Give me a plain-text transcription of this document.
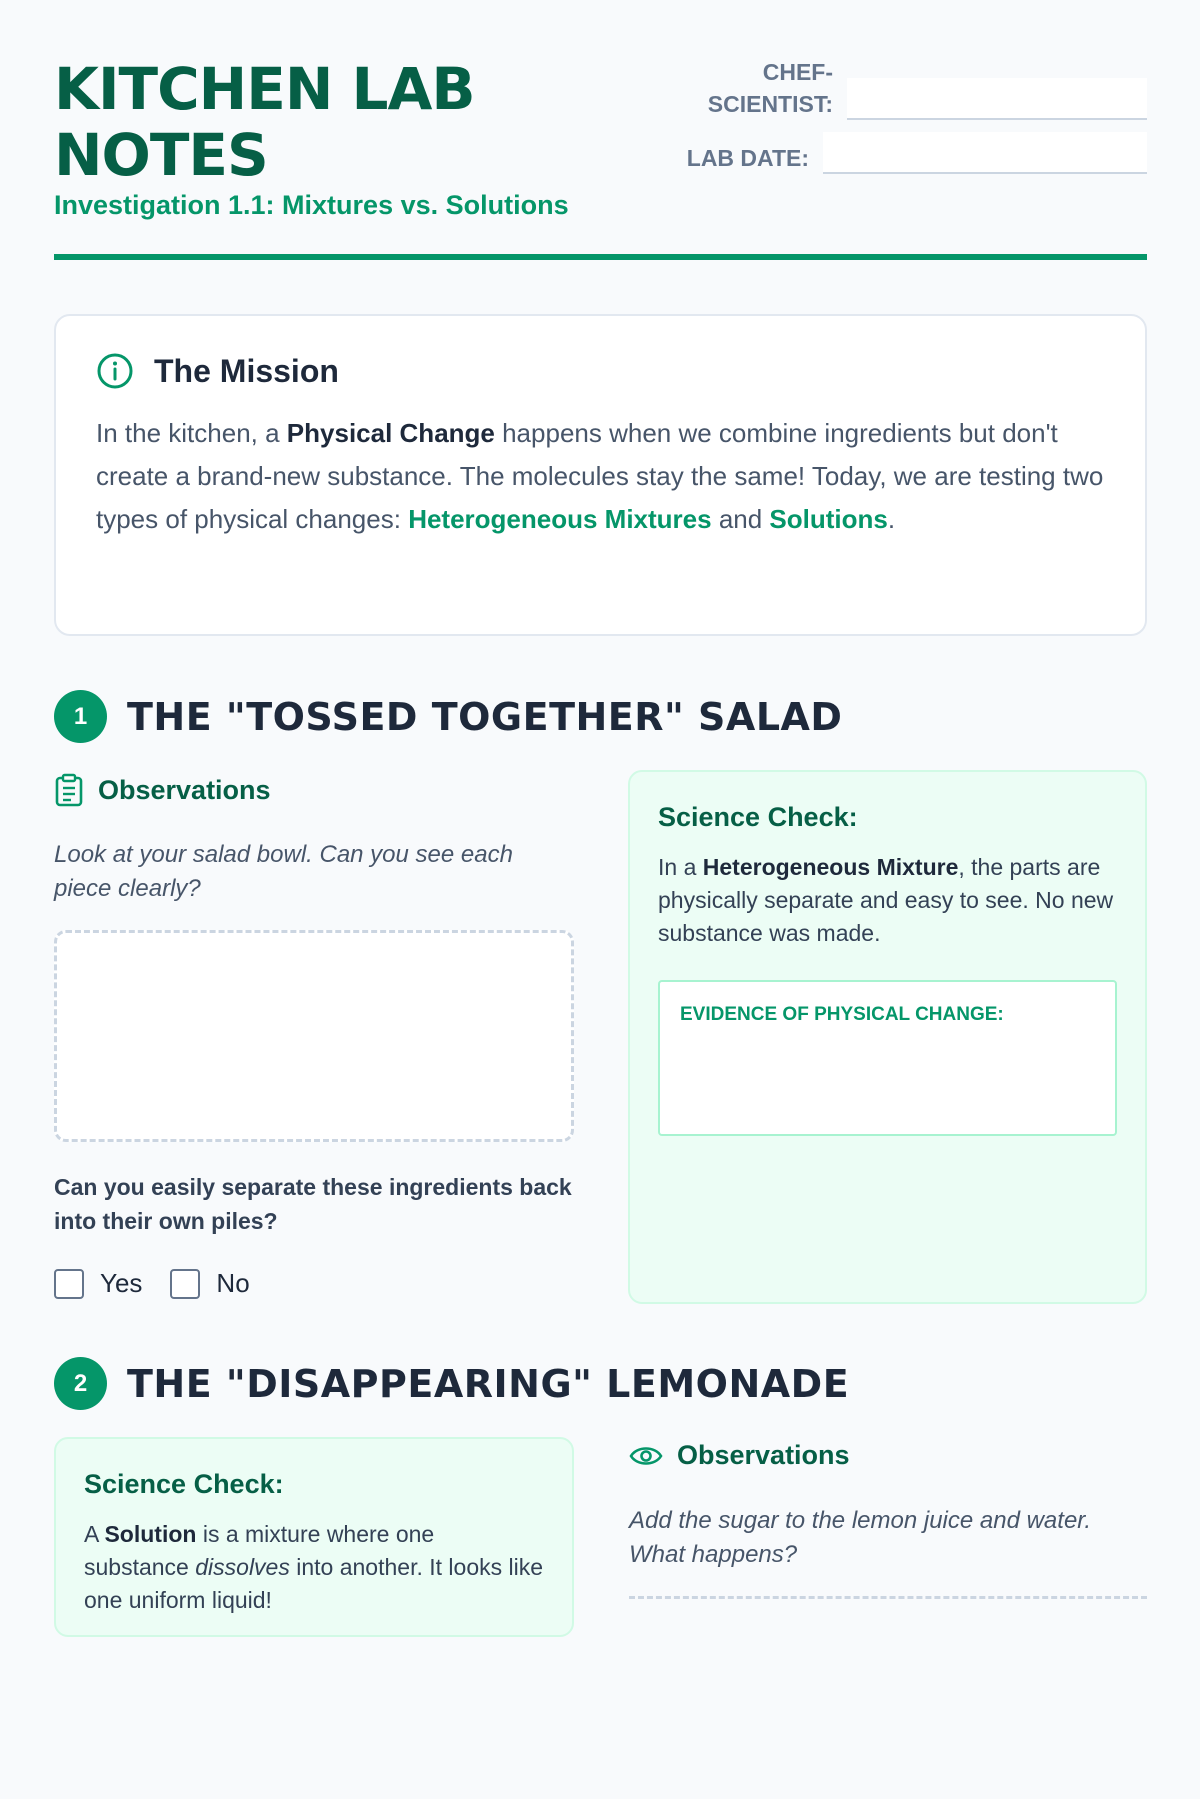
KITCHEN LAB
NOTES
Investigation 1.1: Mixtures vs. Solutions
CHEF-
SCIENTIST:
LAB DATE:
The Mission
In the kitchen, a Physical Change happens when we combine ingredients but don't create a brand-new substance. The molecules stay the same! Today, we are testing two types of physical changes: Heterogeneous Mixtures and Solutions.
1	THE "TOSSED TOGETHER" SALAD
Observations
Look at your salad bowl. Can you see each piece clearly?
Can you easily separate these ingredients back into their own piles?
Yes	No
Science Check:
In a Heterogeneous Mixture, the parts are physically separate and easy to see. No new substance was made.
EVIDENCE OF PHYSICAL CHANGE:
2	THE "DISAPPEARING" LEMONADE
Science Check:
A Solution is a mixture where one substance dissolves into another. It looks like one uniform liquid!
Observations
Add the sugar to the lemon juice and water. What happens?
